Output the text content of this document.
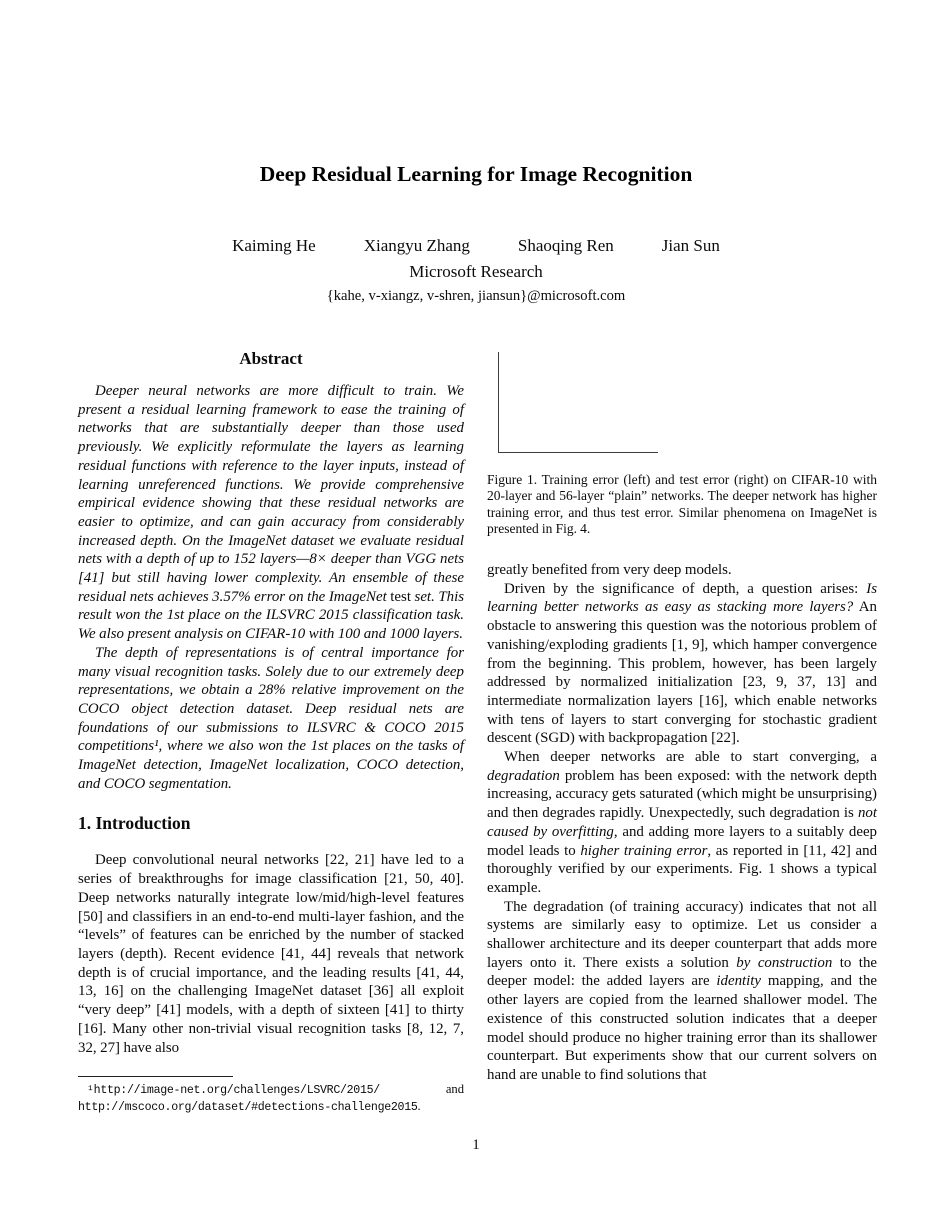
Deep Residual Learning for Image Recognition
Kaiming He	Xiangyu Zhang	Shaoqing Ren	Jian Sun
Microsoft Research
{kahe, v-xiangz, v-shren, jiansun}@microsoft.com
Abstract

Deeper neural networks are more difficult to train. We present a residual learning framework to ease the training of networks that are substantially deeper than those used previously. We explicitly reformulate the layers as learning residual functions with reference to the layer inputs, instead of learning unreferenced functions. We provide comprehensive empirical evidence showing that these residual networks are easier to optimize, and can gain accuracy from considerably increased depth. On the ImageNet dataset we evaluate residual nets with a depth of up to 152 layers—8× deeper than VGG nets [41] but still having lower complexity. An ensemble of these residual nets achieves 3.57% error on the ImageNet test set. This result won the 1st place on the ILSVRC 2015 classification task. We also present analysis on CIFAR-10 with 100 and 1000 layers.

The depth of representations is of central importance for many visual recognition tasks. Solely due to our extremely deep representations, we obtain a 28% relative improvement on the COCO object detection dataset. Deep residual nets are foundations of our submissions to ILSVRC & COCO 2015 competitions¹, where we also won the 1st places on the tasks of ImageNet detection, ImageNet localization, COCO detection, and COCO segmentation.

1. Introduction

Deep convolutional neural networks [22, 21] have led to a series of breakthroughs for image classification [21, 50, 40]. Deep networks naturally integrate low/mid/high-level features [50] and classifiers in an end-to-end multi-layer fashion, and the “levels” of features can be enriched by the number of stacked layers (depth). Recent evidence [41, 44] reveals that network depth is of crucial importance, and the leading results [41, 44, 13, 16] on the challenging ImageNet dataset [36] all exploit “very deep” [41] models, with a depth of sixteen [41] to thirty [16]. Many other non-trivial visual recognition tasks [8, 12, 7, 32, 27] have also

Figure 1. Training error (left) and test error (right) on CIFAR-10 with 20-layer and 56-layer “plain” networks. The deeper network has higher training error, and thus test error. Similar phenomena on ImageNet is presented in Fig. 4.

greatly benefited from very deep models.

Driven by the significance of depth, a question arises: Is learning better networks as easy as stacking more layers? An obstacle to answering this question was the notorious problem of vanishing/exploding gradients [1, 9], which hamper convergence from the beginning. This problem, however, has been largely addressed by normalized initialization [23, 9, 37, 13] and intermediate normalization layers [16], which enable networks with tens of layers to start converging for stochastic gradient descent (SGD) with backpropagation [22].

When deeper networks are able to start converging, a degradation problem has been exposed: with the network depth increasing, accuracy gets saturated (which might be unsurprising) and then degrades rapidly. Unexpectedly, such degradation is not caused by overfitting, and adding more layers to a suitably deep model leads to higher training error, as reported in [11, 42] and thoroughly verified by our experiments. Fig. 1 shows a typical example.

The degradation (of training accuracy) indicates that not all systems are similarly easy to optimize. Let us consider a shallower architecture and its deeper counterpart that adds more layers onto it. There exists a solution by construction to the deeper model: the added layers are identity mapping, and the other layers are copied from the learned shallower model. The existence of this constructed solution indicates that a deeper model should produce no higher training error than its shallower counterpart. But experiments show that our current solvers on hand are unable to find solutions that

¹http://image-net.org/challenges/LSVRC/2015/	and
http://mscoco.org/dataset/#detections-challenge2015.
1
